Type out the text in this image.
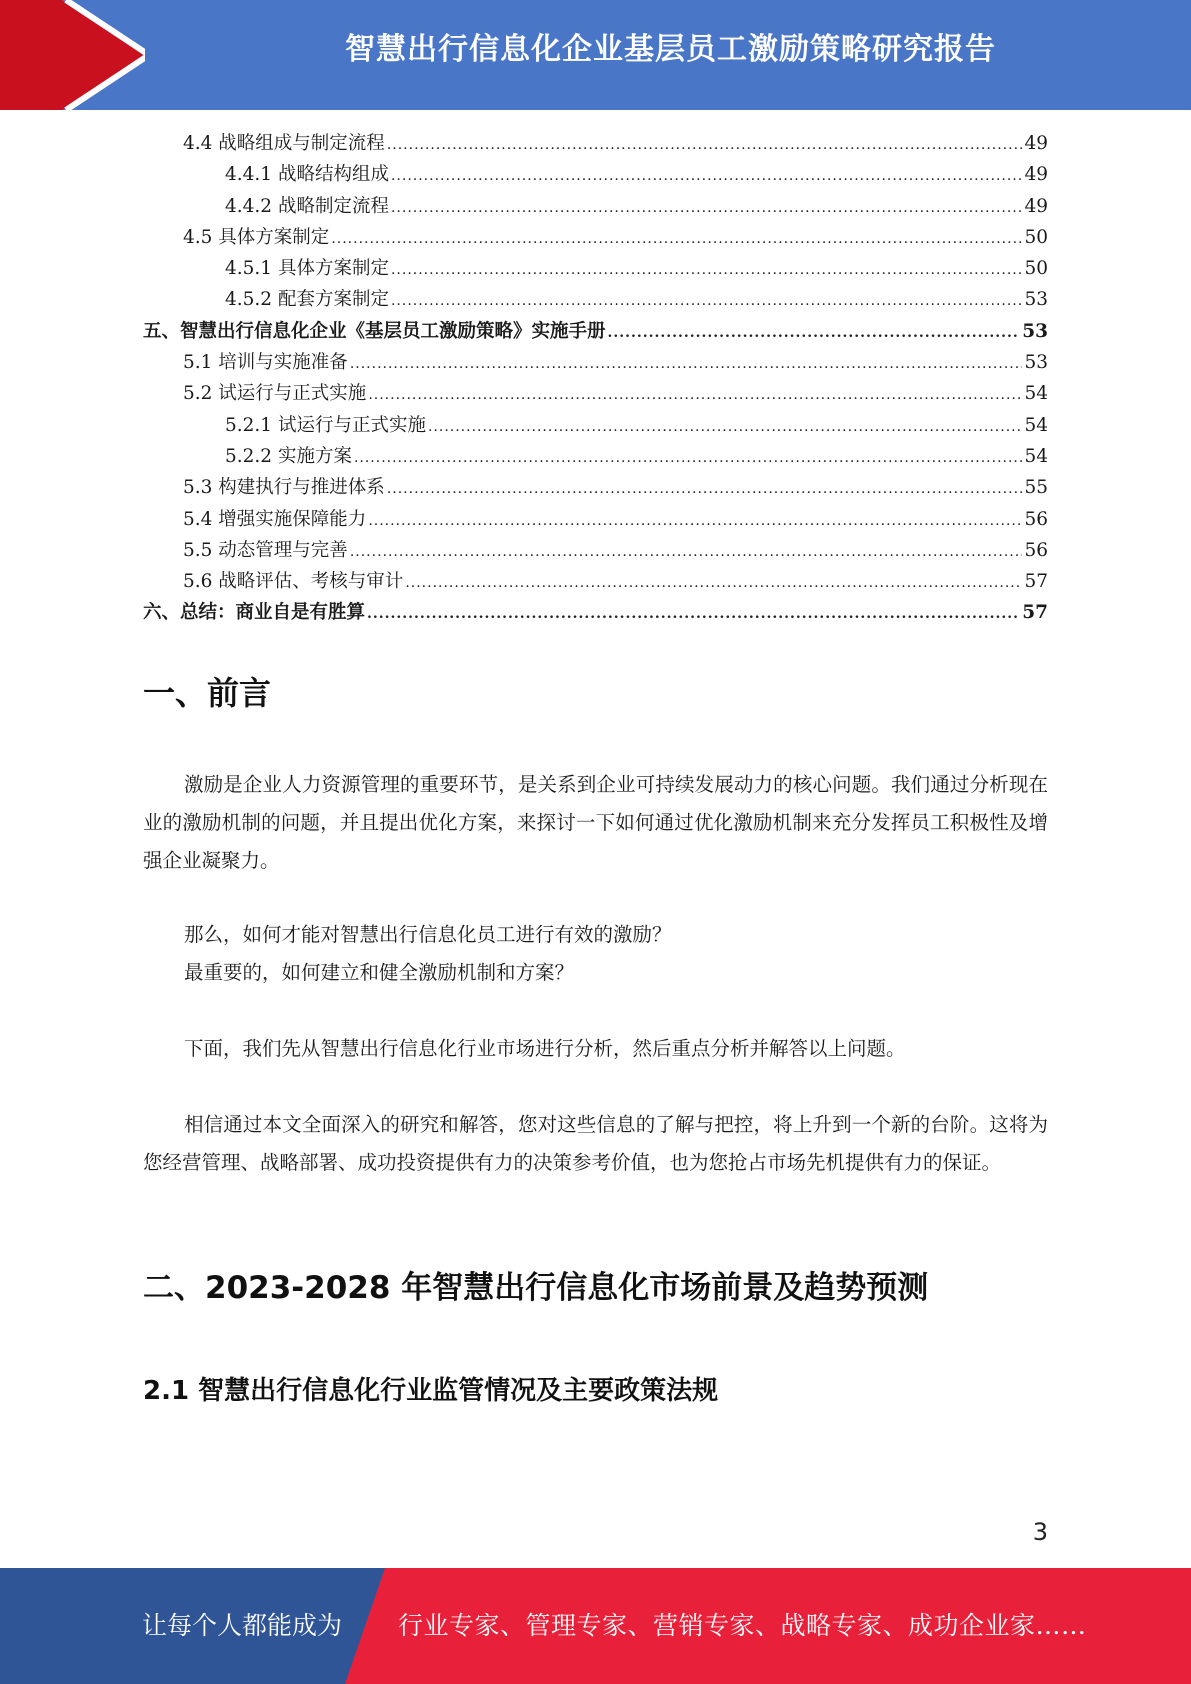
智慧出行信息化企业基层员工激励策略研究报告
4.4 战略组成与制定流程 .....	49
4.4.1 战略结构组成 .....	49
4.4.2 战略制定流程 .....	49
4.5 具体方案制定 .....	50
4.5.1 具体方案制定 .....	50
4.5.2 配套方案制定 .....	53
五、智慧出行信息化企业《基层员工激励策略》实施手册 .....	53
5.1 培训与实施准备 .....	53
5.2 试运行与正式实施 .....	54
5.2.1 试运行与正式实施 .....	54
5.2.2 实施方案 .....	54
5.3 构建执行与推进体系 .....	55
5.4 增强实施保障能力 .....	56
5.5 动态管理与完善 .....	56
5.6 战略评估、考核与审计 .....	57
六、总结：商业自是有胜算 .....	57
一、前言
激励是企业人力资源管理的重要环节，是关系到企业可持续发展动力的核心问题。我们通过分析现在业的激励机制的问题，并且提出优化方案，来探讨一下如何通过优化激励机制来充分发挥员工积极性及增强企业凝聚力。
那么，如何才能对智慧出行信息化员工进行有效的激励？
最重要的，如何建立和健全激励机制和方案？
下面，我们先从智慧出行信息化行业市场进行分析，然后重点分析并解答以上问题。
相信通过本文全面深入的研究和解答，您对这些信息的了解与把控，将上升到一个新的台阶。这将为您经营管理、战略部署、成功投资提供有力的决策参考价值，也为您抢占市场先机提供有力的保证。
二、2023-2028 年智慧出行信息化市场前景及趋势预测
2.1 智慧出行信息化行业监管情况及主要政策法规
3
让每个人都能成为 行业专家、管理专家、营销专家、战略专家、成功企业家……
